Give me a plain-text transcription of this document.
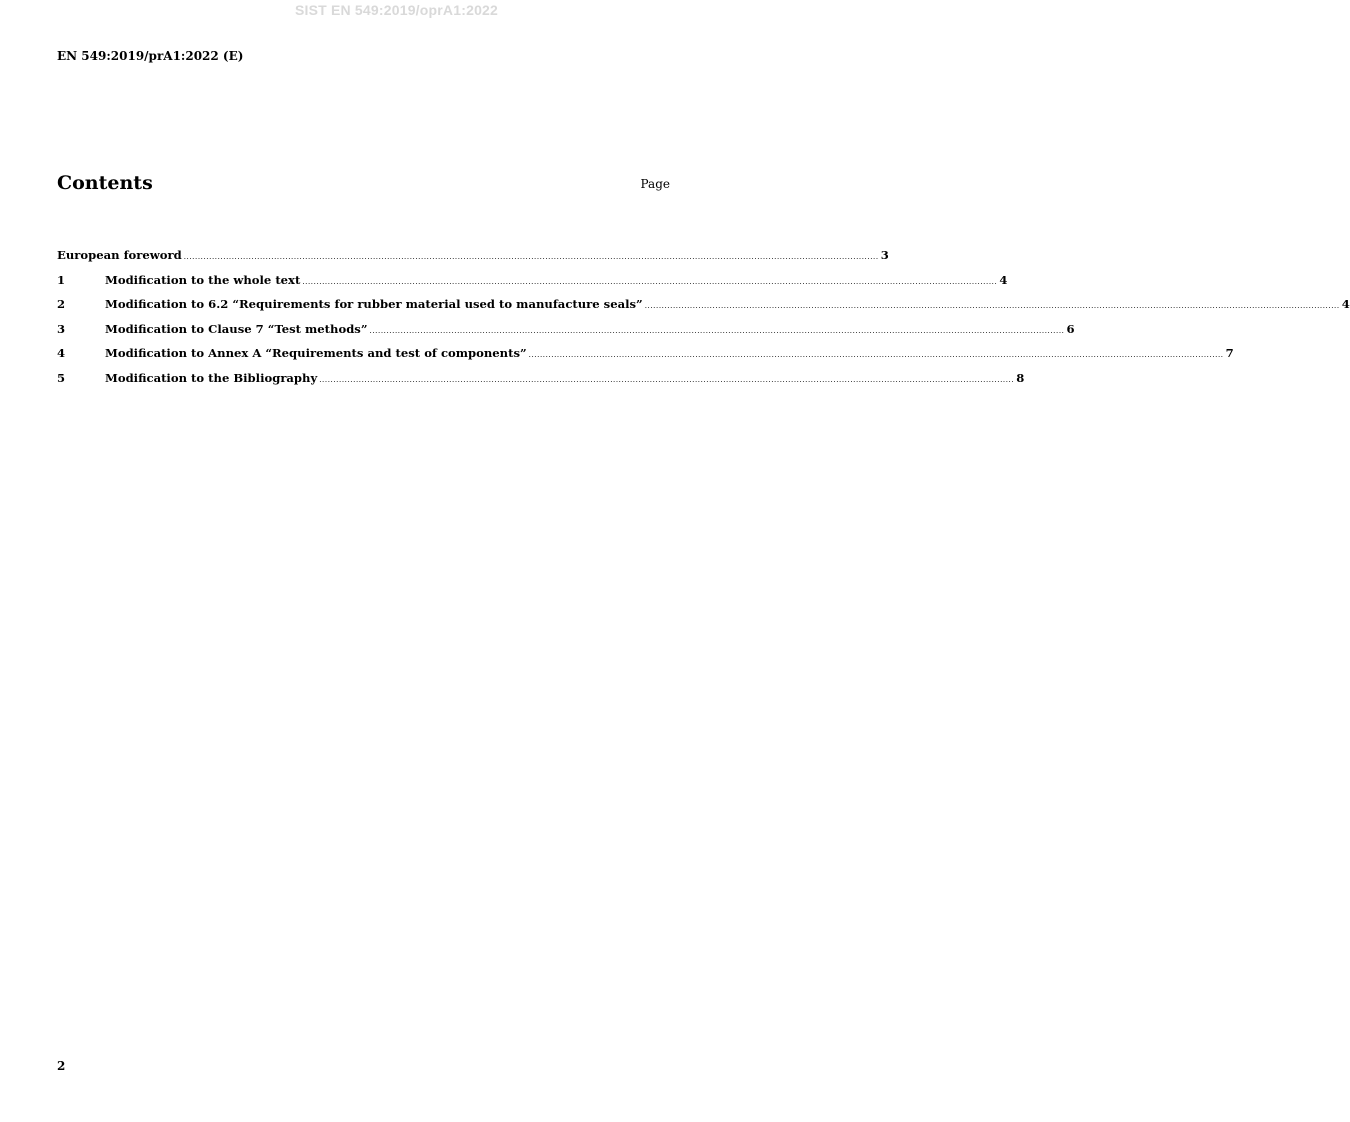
SIST EN 549:2019/oprA1:2022
EN 549:2019/prA1:2022 (E)
Contents	Page
European foreword .....	3
1	Modification to the whole text .....	4
2	Modification to 6.2 “Requirements for rubber material used to manufacture seals” .....	4
3	Modification to Clause 7 “Test methods” .....	6
4	Modification to Annex A “Requirements and test of components” .....	7
5	Modification to the Bibliography .....	8
2
